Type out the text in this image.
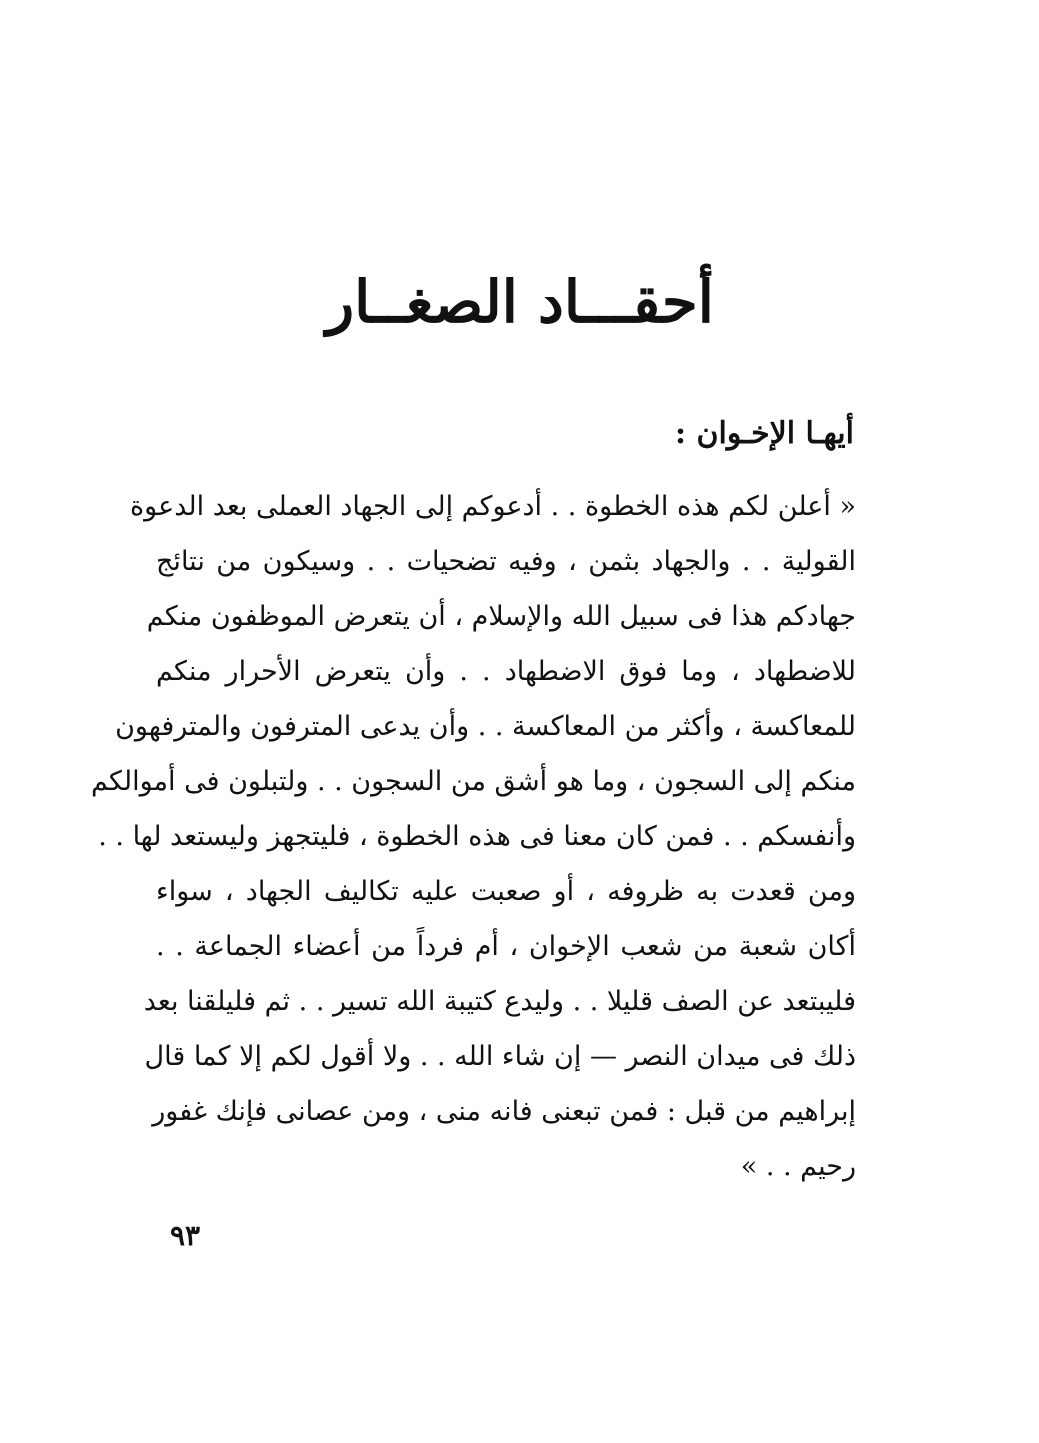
أحقـــاد الصغــار
أيهـا الإخـوان :
« أعلن لكم هذه الخطوة . . أدعوكم إلى الجهاد العملى بعد الدعوة
القولية . . والجهاد بثمن ، وفيه تضحيات . . وسيكون من نتائج
جهادكم هذا فى سبيل الله والإسلام ، أن يتعرض الموظفون منكم
للاضطهاد ، وما فوق الاضطهاد . . وأن يتعرض الأحرار منكم
للمعاكسة ، وأكثر من المعاكسة . . وأن يدعى المترفون والمترفهون
منكم إلى السجون ، وما هو أشق من السجون . . ولتبلون فى أموالكم
وأنفسكم . . فمن كان معنا فى هذه الخطوة ، فليتجهز وليستعد لها . .
ومن قعدت به ظروفه ، أو صعبت عليه تكاليف الجهاد ، سواء
أكان شعبة من شعب الإخوان ، أم فرداً من أعضاء الجماعة . .
فليبتعد عن الصف قليلا . . وليدع كتيبة الله تسير . . ثم فليلقنا بعد
ذلك فى ميدان النصر — إن شاء الله . . ولا أقول لكم إلا كما قال
إبراهيم من قبل : فمن تبعنى فانه منى ، ومن عصانى فإنك غفور
رحيم . . »
٩٣
